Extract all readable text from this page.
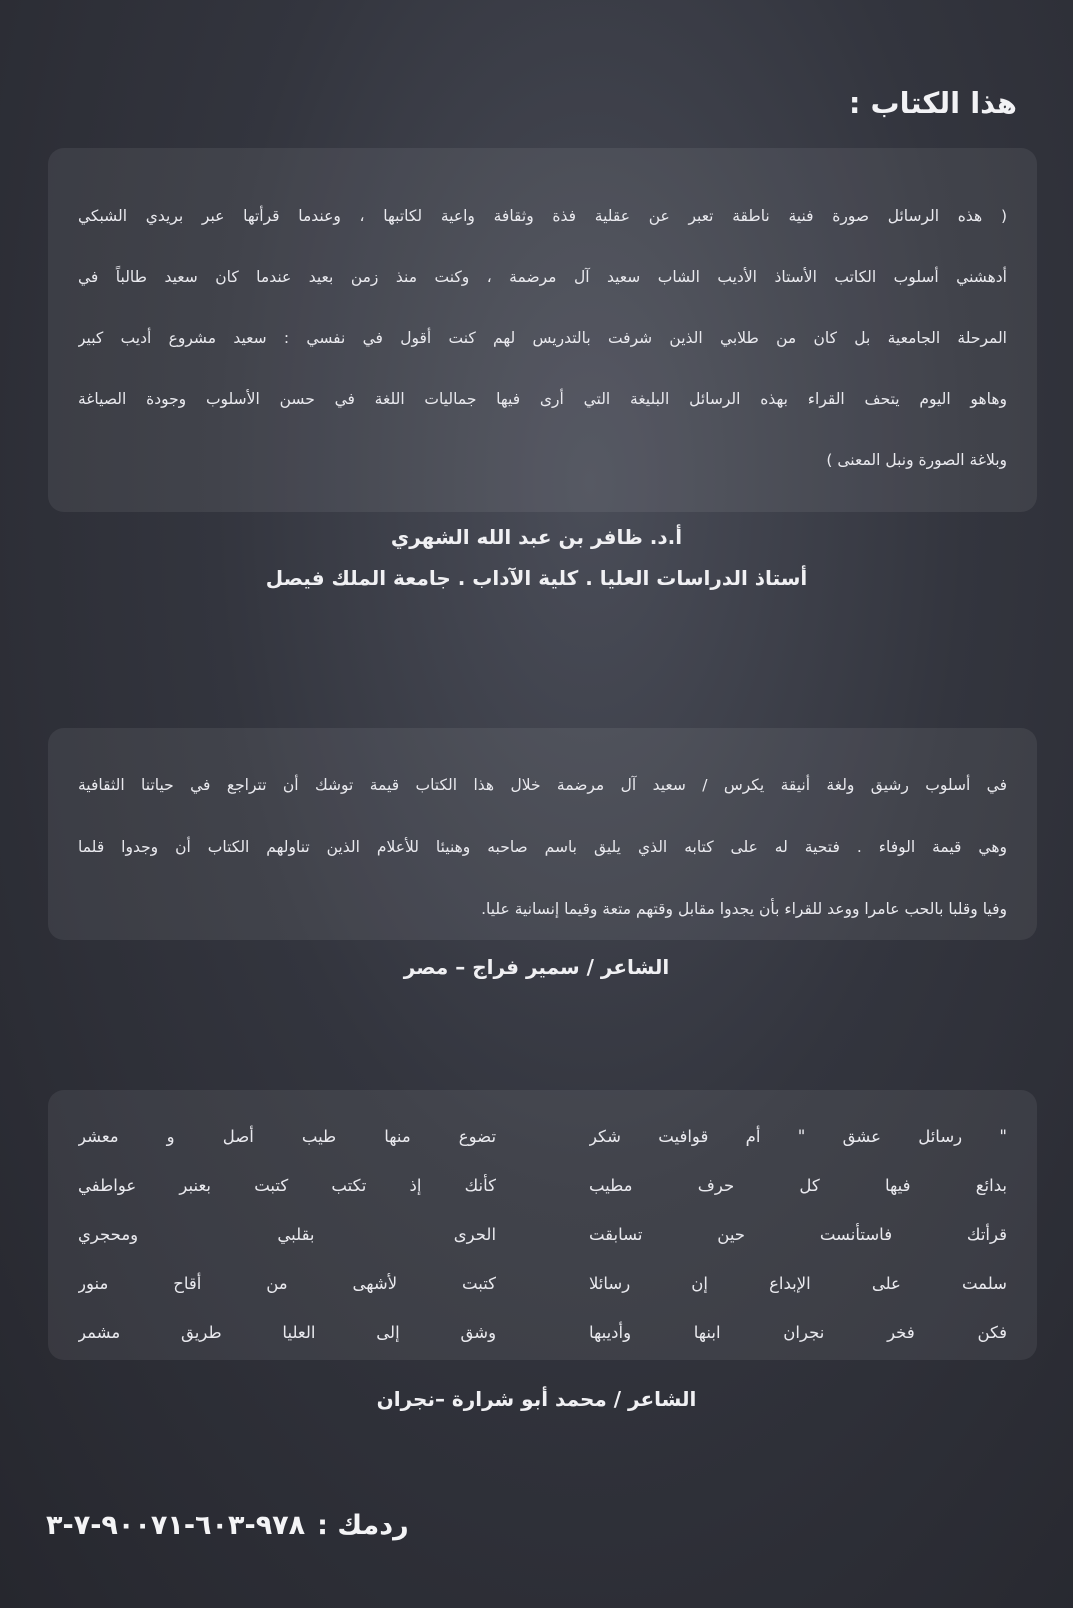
هذا الكتاب :
( هذه الرسائل صورة فنية ناطقة تعبر عن عقلية فذة وثقافة واعية لكاتبها ، وعندما قرأتها عبر بريدي الشبكي
أدهشني أسلوب الكاتب الأستاذ الأديب الشاب سعيد آل مرضمة ، وكنت منذ زمن بعيد عندما كان سعيد طالباً في
المرحلة الجامعية بل كان من طلابي الذين شرفت بالتدريس لهم كنت أقول في نفسي : سعيد مشروع أديب كبير
وهاهو اليوم يتحف القراء بهذه الرسائل البليغة التي أرى فيها جماليات اللغة في حسن الأسلوب وجودة الصياغة
وبلاغة الصورة ونبل المعنى )
أ.د. ظافر بن عبد الله الشهري
أستاذ الدراسات العليا . كلية الآداب . جامعة الملك فيصل
في أسلوب رشيق ولغة أنيقة يكرس / سعيد آل مرضمة خلال هذا الكتاب قيمة توشك أن تتراجع في حياتنا الثقافية
وهي قيمة الوفاء . فتحية له على كتابه الذي يليق باسم صاحبه وهنيئا للأعلام الذين تناولهم الكتاب أن وجدوا قلما
وفيا وقلبا بالحب عامرا ووعد للقراء بأن يجدوا مقابل وقتهم متعة وقيما إنسانية عليا.
الشاعر / سمير فراج – مصر
" رسائل عشق " أم قوافيت شكر
تضوع منها طيب أصل و معشر
بدائع فيها كل حرف مطيب
كأنك إذ تكتب كتبت بعنبر عواطفي
قرأتك فاستأنست حين تسابقت
الحرى بقلبي ومحجري
سلمت على الإبداع إن رسائلا
كتبت لأشهى من أقاح منور
فكن فخر نجران ابنها وأديبها
وشق إلى العليا طريق مشمر
الشاعر / محمد أبو شرارة –نجران
٩٧٨-٦٠٣-٩٠٠٧١-٧-٣ ردمك :
